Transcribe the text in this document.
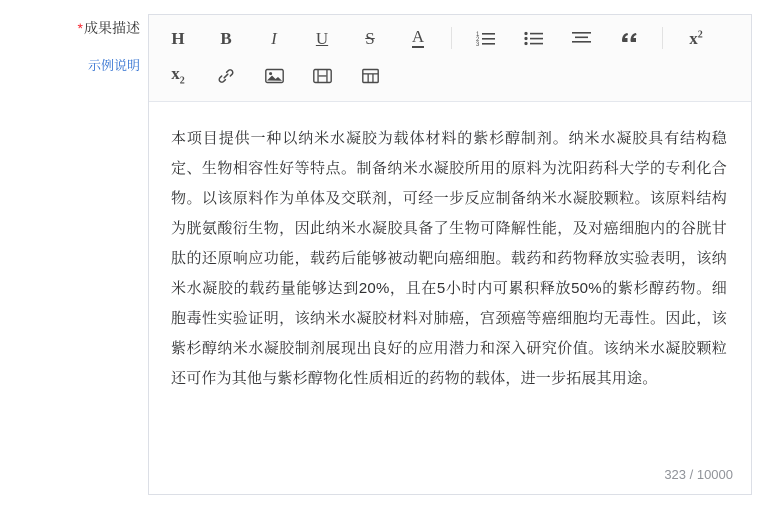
*成果描述
示例说明
H B I U S A	1
2
3	$x^2$
$x_2$
本项目提供一种以纳米水凝胶为载体材料的紫杉醇制剂。纳米水凝胶具有结构稳定、生物相容性好等特点。制备纳米水凝胶所用的原料为沈阳药科大学的专利化合物。以该原料作为单体及交联剂，可经一步反应制备纳米水凝胶颗粒。该原料结构为胱氨酸衍生物，因此纳米水凝胶具备了生物可降解性能，及对癌细胞内的谷胱甘肽的还原响应功能，载药后能够被动靶向癌细胞。载药和药物释放实验表明，该纳米水凝胶的载药量能够达到20%，且在5小时内可累积释放50%的紫杉醇药物。细胞毒性实验证明，该纳米水凝胶材料对肺癌，宫颈癌等癌细胞均无毒性。因此，该紫杉醇纳米水凝胶制剂展现出良好的应用潜力和深入研究价值。该纳米水凝胶颗粒还可作为其他与紫杉醇物化性质相近的药物的载体，进一步拓展其用途。
323 / 10000
